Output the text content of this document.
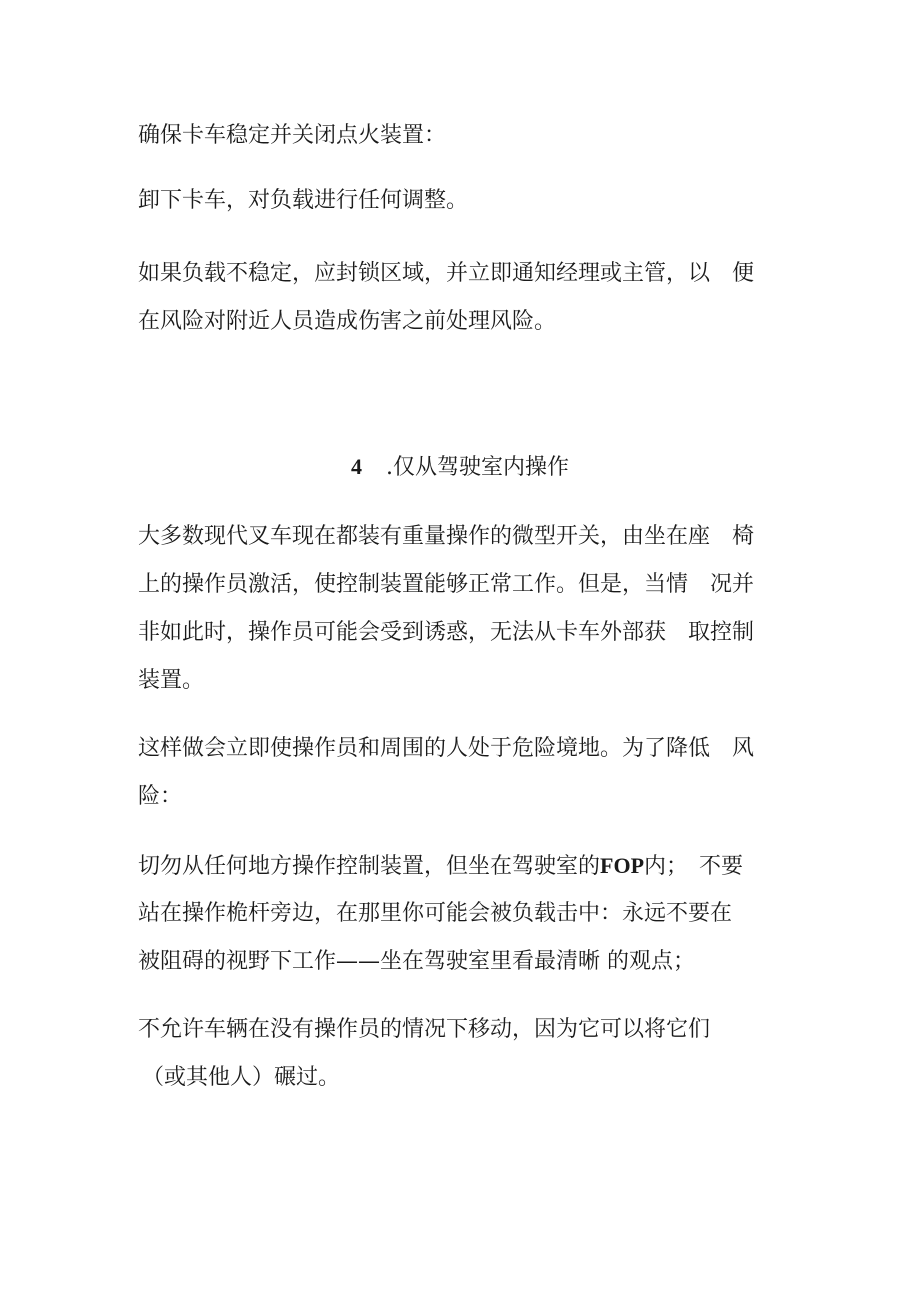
确保卡车稳定并关闭点火装置：

卸下卡车，对负载进行任何调整。

如果负载不稳定，应封锁区域，并立即通知经理或主管，以　便
在风险对附近人员造成伤害之前处理风险。

4 .仅从驾驶室内操作

大多数现代叉车现在都装有重量操作的微型开关，由坐在座　椅
上的操作员激活，使控制装置能够正常工作。但是，当情　况并
非如此时，操作员可能会受到诱惑，无法从卡车外部获　取控制
装置。

这样做会立即使操作员和周围的人处于危险境地。为了降低　风
险：

切勿从任何地方操作控制装置，但坐在驾驶室的FOP内；　不要
站在操作桅杆旁边，在那里你可能会被负载击中：永远不要在
被阻碍的视野下工作——坐在驾驶室里看最清晰 的观点；

不允许车辆在没有操作员的情况下移动，因为它可以将它们
（或其他人）碾过。
